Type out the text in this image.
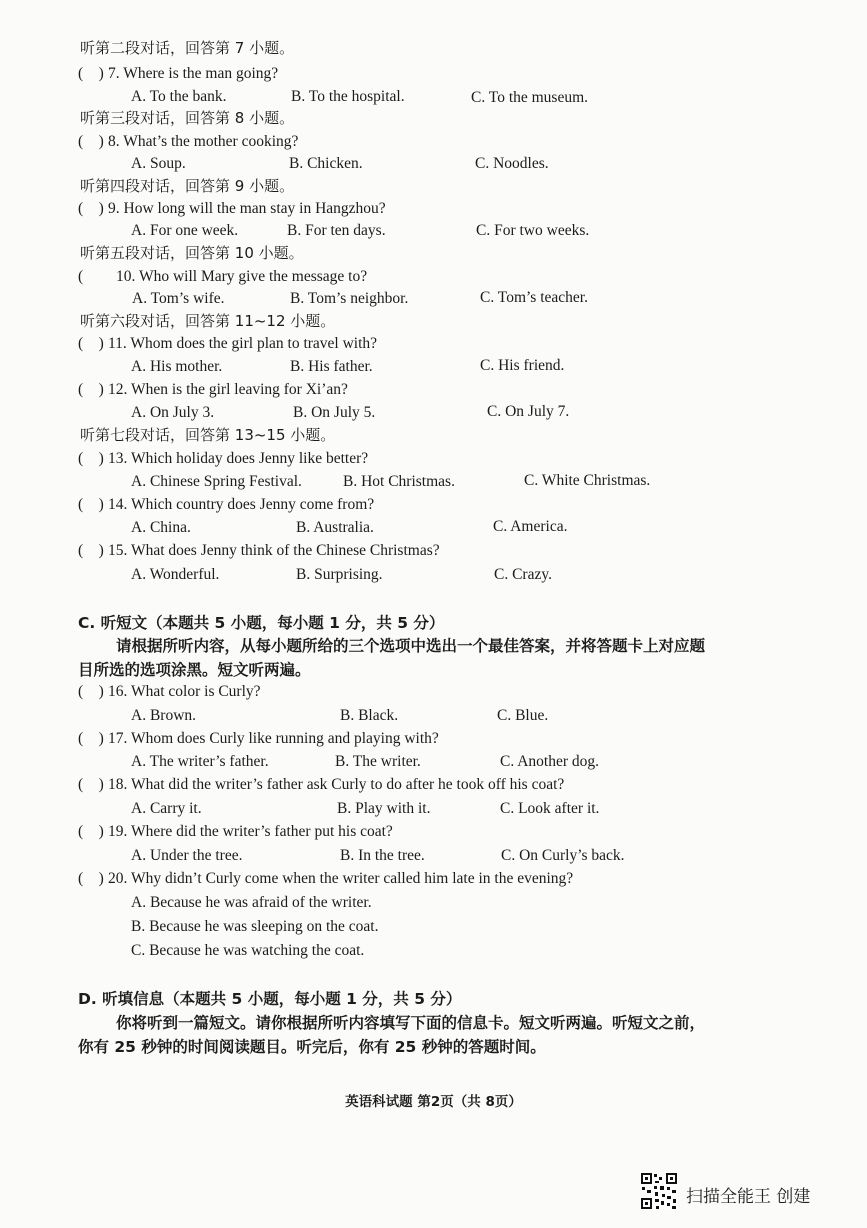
听第二段对话，回答第 7 小题。
(　) 7. Where is the man going?
A. To the bank.	B. To the hospital.	C. To the museum.
听第三段对话，回答第 8 小题。
(　) 8. What’s the mother cooking?
A. Soup.	B. Chicken.	C. Noodles.
听第四段对话，回答第 9 小题。
(　) 9. How long will the man stay in Hangzhou?
A. For one week.	B. For ten days.	C. For two weeks.
听第五段对话，回答第 10 小题。
( 10. Who will Mary give the message to?
A. Tom’s wife.	B. Tom’s neighbor.	C. Tom’s teacher.
听第六段对话，回答第 11~12 小题。
(　) 11. Whom does the girl plan to travel with?
A. His mother.	B. His father.	C. His friend.
(　) 12. When is the girl leaving for Xi’an?
A. On July 3.	B. On July 5.	C. On July 7.
听第七段对话，回答第 13~15 小题。
(　) 13. Which holiday does Jenny like better?
A. Chinese Spring Festival.	B. Hot Christmas.	C. White Christmas.
(　) 14. Which country does Jenny come from?
A. China.	B. Australia.	C. America.
(　) 15. What does Jenny think of the Chinese Christmas?
A. Wonderful.	B. Surprising.	C. Crazy.
C. 听短文（本题共 5 小题，每小题 1 分，共 5 分）
请根据所听内容，从每小题所给的三个选项中选出一个最佳答案，并将答题卡上对应题
目所选的选项涂黑。短文听两遍。
(　) 16. What color is Curly?
A. Brown.	B. Black.	C. Blue.
(　) 17. Whom does Curly like running and playing with?
A. The writer’s father.	B. The writer.	C. Another dog.
(　) 18. What did the writer’s father ask Curly to do after he took off his coat?
A. Carry it.	B. Play with it.	C. Look after it.
(　) 19. Where did the writer’s father put his coat?
A. Under the tree.	B. In the tree.	C. On Curly’s back.
(　) 20. Why didn’t Curly come when the writer called him late in the evening?
A. Because he was afraid of the writer.
B. Because he was sleeping on the coat.
C. Because he was watching the coat.
D. 听填信息（本题共 5 小题，每小题 1 分，共 5 分）
你将听到一篇短文。请你根据所听内容填写下面的信息卡。短文听两遍。听短文之前，
你有 25 秒钟的时间阅读题目。听完后，你有 25 秒钟的答题时间。
英语科试题 第2页（共 8页）
扫描全能王 创建
